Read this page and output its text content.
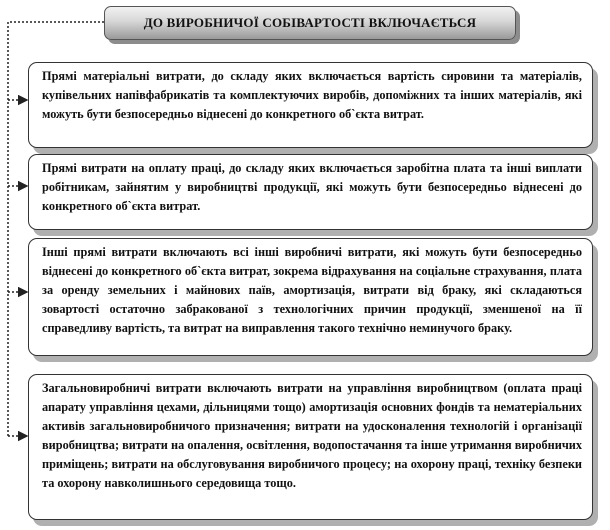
ДО ВИРОБНИЧОЇ СОБІВАРТОСТІ ВКЛЮЧАЄТЬСЯ
Прямі матеріальні витрати, до складу яких включається вартість сировини та матеріалів, купівельних напівфабрикатів та комплектуючих виробів, допоміжних та інших матеріалів, які можуть бути безпосередньо віднесені до конкретного об`єкта витрат.
Прямі витрати на оплату праці, до складу яких включається заробітна плата та інші виплати робітникам, зайнятим у виробництві продукції, які можуть бути безпосередньо віднесені до конкретного об`єкта витрат.
Інші прямі витрати включають всі інші виробничі витрати, які можуть бути безпосередньо віднесені до конкретного об`єкта витрат, зокрема відрахування на соціальне страхування, плата за оренду земельних і майнових паїв, амортизація, витрати від браку, які складаються зовартості остаточно забракованої з технологічних причин продукції, зменшеної на її справедливу вартість, та витрат на виправлення такого технічно неминучого браку.
Загальновиробничі витрати включають витрати на управління виробництвом (оплата праці апарату управління цехами, дільницями тощо) амортизація основних фондів та нематеріальних активів загальновиробничого призначення; витрати на удосконалення технологій і організації виробництва; витрати на опалення, освітлення, водопостачання та інше утримання виробничих приміщень; витрати на обслуговування виробничого процесу; на охорону праці, техніку безпеки та охорону навколишнього середовища тощо.
